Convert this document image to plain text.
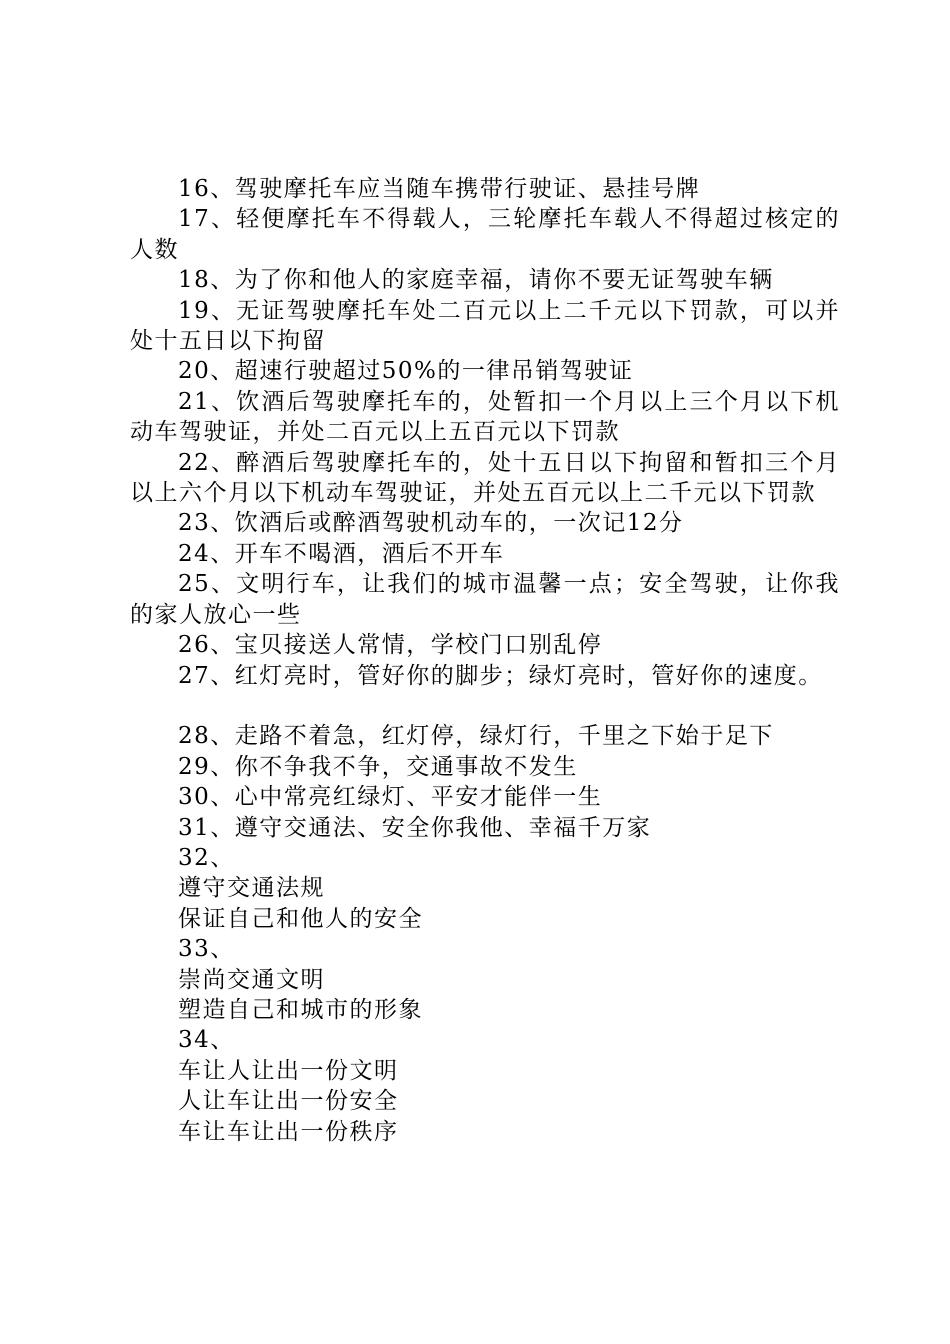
16、驾驶摩托车应当随车携带行驶证、悬挂号牌

17、轻便摩托车不得载人，三轮摩托车载人不得超过核定的人数

18、为了你和他人的家庭幸福，请你不要无证驾驶车辆

19、无证驾驶摩托车处二百元以上二千元以下罚款，可以并处十五日以下拘留

20、超速行驶超过50%的一律吊销驾驶证

21、饮酒后驾驶摩托车的，处暂扣一个月以上三个月以下机动车驾驶证，并处二百元以上五百元以下罚款

22、醉酒后驾驶摩托车的，处十五日以下拘留和暂扣三个月以上六个月以下机动车驾驶证，并处五百元以上二千元以下罚款

23、饮酒后或醉酒驾驶机动车的，一次记12分

24、开车不喝酒，酒后不开车

25、文明行车，让我们的城市温馨一点；安全驾驶，让你我的家人放心一些

26、宝贝接送人常情，学校门口别乱停

27、红灯亮时，管好你的脚步；绿灯亮时，管好你的速度。

28、走路不着急，红灯停，绿灯行，千里之下始于足下

29、你不争我不争，交通事故不发生

30、心中常亮红绿灯、平安才能伴一生

31、遵守交通法、安全你我他、幸福千万家

32、

遵守交通法规

保证自己和他人的安全

33、

崇尚交通文明

塑造自己和城市的形象

34、

车让人让出一份文明

人让车让出一份安全

车让车让出一份秩序
